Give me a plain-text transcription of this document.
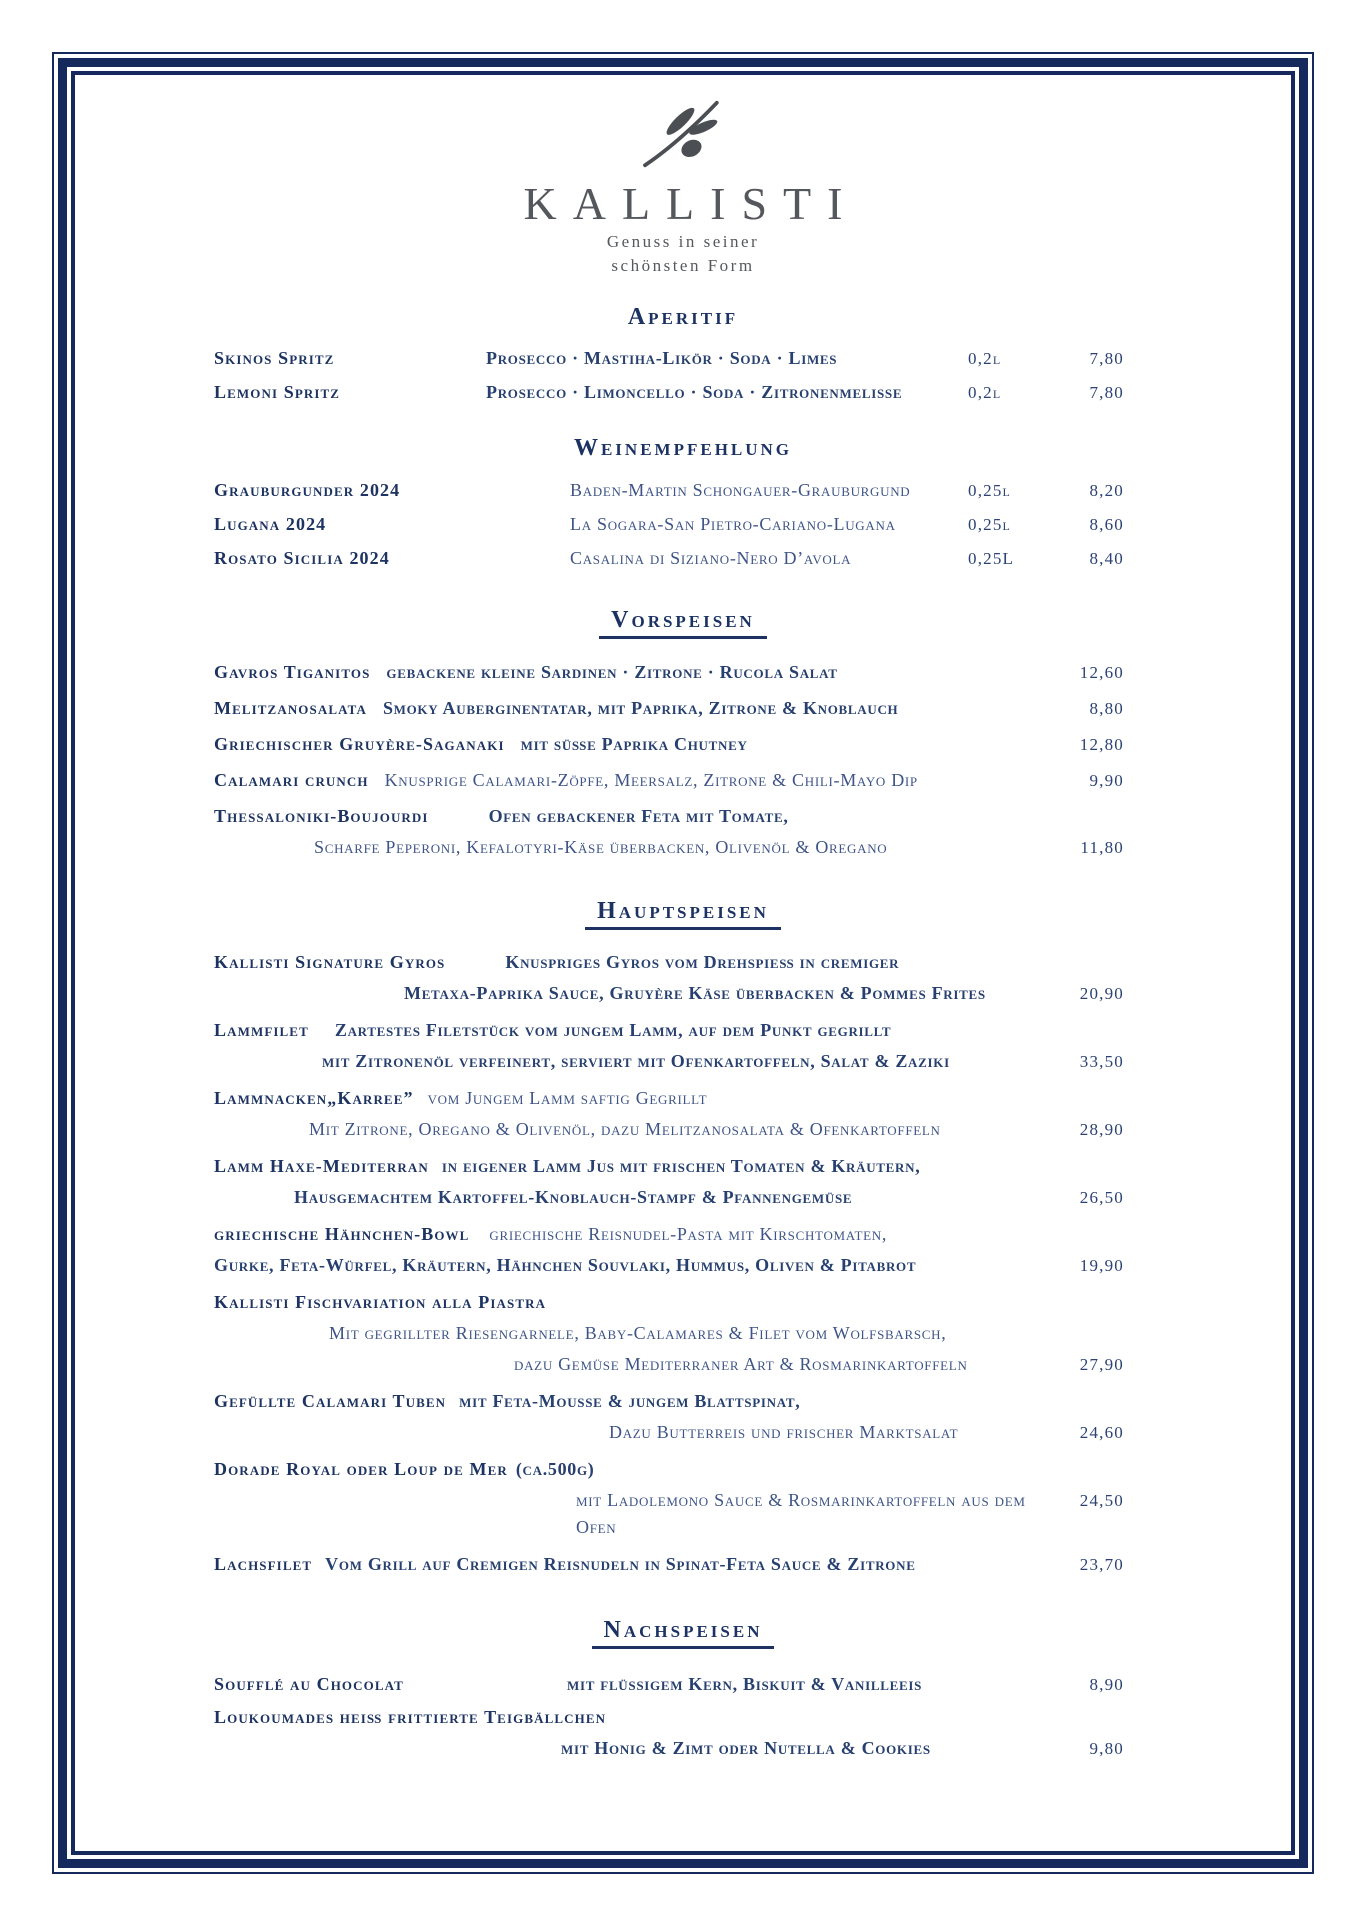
KALLISTI
Genuss in seiner
schönsten Form
Aperitif
Skinos Spritz	Prosecco · Mastiha-Likör · Soda · Limes	0,2l	7,80
Lemoni Spritz	Prosecco · Limoncello · Soda · Zitronenmelisse	0,2l	7,80
Weinempfehlung
Grauburgunder 2024	Baden-Martin Schongauer-Grauburgund	0,25l	8,20
Lugana 2024	La Sogara-San Pietro-Cariano-Lugana	0,25l	8,60
Rosato Sicilia 2024	Casalina di Siziano-Nero D’avola	0,25L	8,40
Vorspeisen
Gavros Tiganitos gebackene kleine Sardinen · Zitrone · Rucola Salat	12,60
Melitzanosalata Smoky Auberginentatar, mit Paprika, Zitrone & Knoblauch	8,80
Griechischer Gruyère-Saganaki mit süße Paprika Chutney	12,80
Calamari crunch Knusprige Calamari-Zöpfe, Meersalz, Zitrone & Chili-Mayo Dip	9,90
Thessaloniki-Boujourdi	Ofen gebackener Feta mit Tomate,
Scharfe Peperoni, Kefalotyri-Käse überbacken, Olivenöl & Oregano	11,80
Hauptspeisen
Kallisti Signature Gyros	Knuspriges Gyros vom Drehspieß in cremiger
Metaxa-Paprika Sauce, Gruyère Käse überbacken & Pommes Frites	20,90
Lammfilet Zartestes Filetstück vom jungem Lamm, auf dem Punkt gegrillt
mit Zitronenöl verfeinert, serviert mit Ofenkartoffeln, Salat & Zaziki	33,50
Lammnacken„Karree” vom Jungem Lamm saftig Gegrillt
Mit Zitrone, Oregano & Olivenöl, dazu Melitzanosalata & Ofenkartoffeln	28,90
Lamm Haxe-Mediterran in eigener Lamm Jus mit frischen Tomaten & Kräutern,
Hausgemachtem Kartoffel-Knoblauch-Stampf & Pfannengemüse	26,50
griechische Hähnchen-Bowl griechische Reisnudel-Pasta mit Kirschtomaten,
Gurke, Feta-Würfel, Kräutern, Hähnchen Souvlaki, Hummus, Oliven & Pitabrot	19,90
Kallisti Fischvariation alla Piastra
Mit gegrillter Riesengarnele, Baby-Calamares & Filet vom Wolfsbarsch,
dazu Gemüse Mediterraner Art & Rosmarinkartoffeln	27,90
Gefüllte Calamari Tuben mit Feta-Mousse & jungem Blattspinat,
Dazu Butterreis und frischer Marktsalat	24,60
Dorade Royal oder Loup de Mer (ca.500g)
mit Ladolemono Sauce & Rosmarinkartoffeln aus dem Ofen
24,50
Lachsfilet Vom Grill auf Cremigen Reisnudeln in Spinat-Feta Sauce & Zitrone	23,70
Nachspeisen
Soufflé au Chocolat	mit flüssigem Kern, Biskuit & Vanilleeis	8,90
Loukoumades heiß frittierte Teigbällchen
mit Honig & Zimt oder Nutella & Cookies	9,80
